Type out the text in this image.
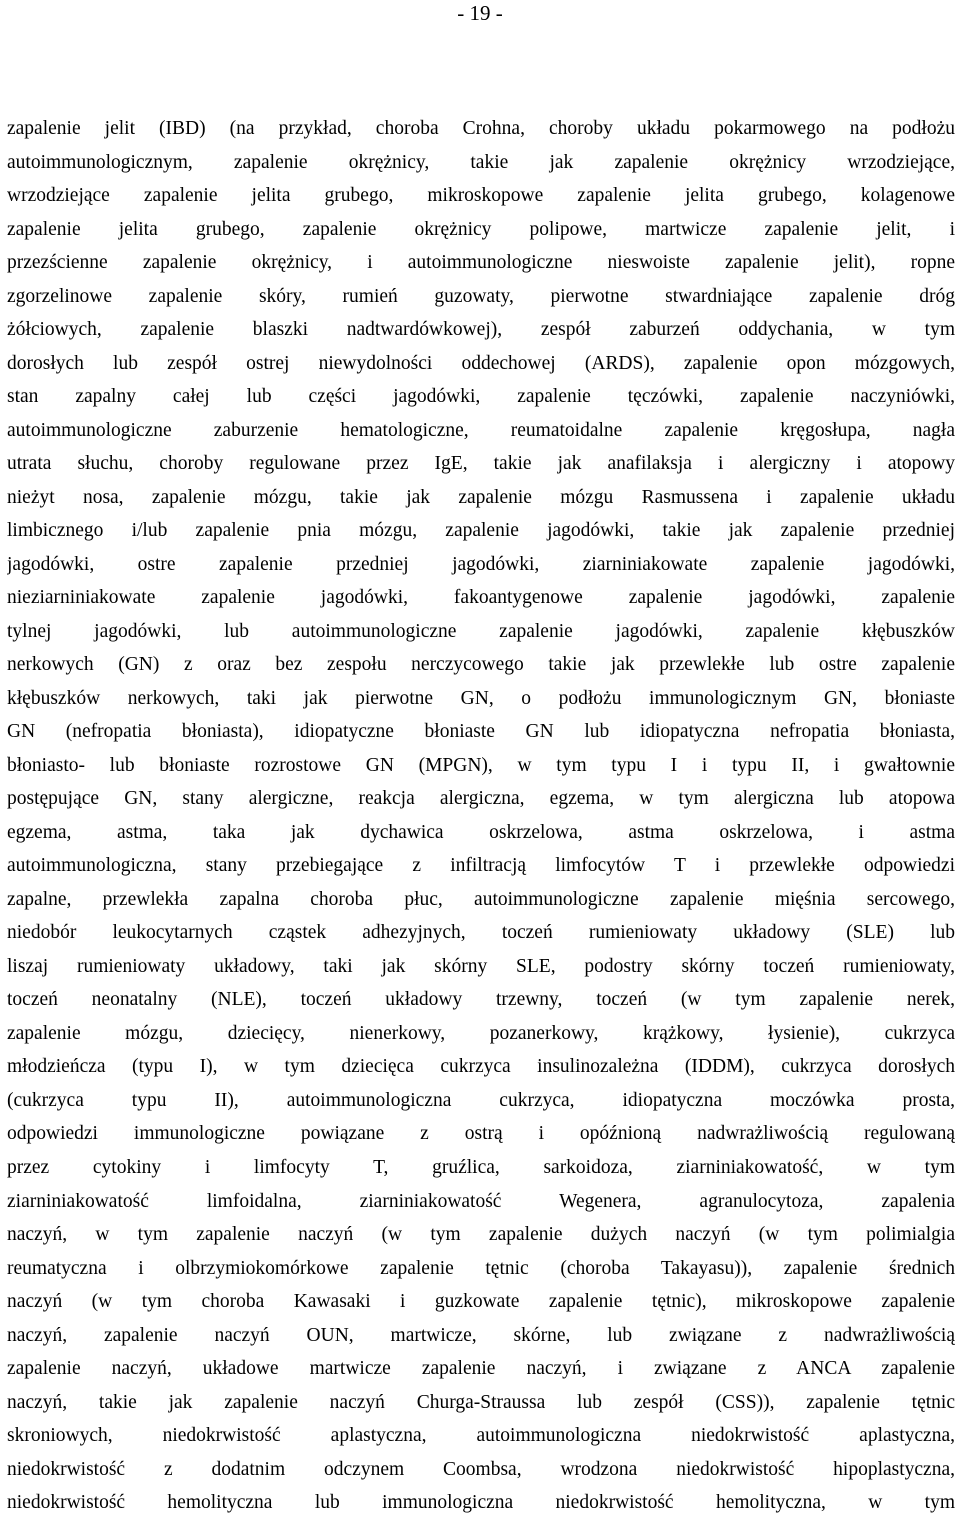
- 19 -
zapalenie jelit (IBD) (na przykład, choroba Crohna, choroby układu pokarmowego na podłożu
autoimmunologicznym, zapalenie okrężnicy, takie jak zapalenie okrężnicy wrzodziejące,
wrzodziejące zapalenie jelita grubego, mikroskopowe zapalenie jelita grubego, kolagenowe
zapalenie jelita grubego, zapalenie okrężnicy polipowe, martwicze zapalenie jelit, i
przezścienne zapalenie okrężnicy, i autoimmunologiczne nieswoiste zapalenie jelit), ropne
zgorzelinowe zapalenie skóry, rumień guzowaty, pierwotne stwardniające zapalenie dróg
żółciowych, zapalenie blaszki nadtwardówkowej), zespół zaburzeń oddychania, w tym
dorosłych lub zespół ostrej niewydolności oddechowej (ARDS), zapalenie opon mózgowych,
stan zapalny całej lub części jagodówki, zapalenie tęczówki, zapalenie naczyniówki,
autoimmunologiczne zaburzenie hematologiczne, reumatoidalne zapalenie kręgosłupa, nagła
utrata słuchu, choroby regulowane przez IgE, takie jak anafilaksja i alergiczny i atopowy
nieżyt nosa, zapalenie mózgu, takie jak zapalenie mózgu Rasmussena i zapalenie układu
limbicznego i/lub zapalenie pnia mózgu, zapalenie jagodówki, takie jak zapalenie przedniej
jagodówki, ostre zapalenie przedniej jagodówki, ziarniniakowate zapalenie jagodówki,
nieziarniniakowate zapalenie jagodówki, fakoantygenowe zapalenie jagodówki, zapalenie
tylnej jagodówki, lub autoimmunologiczne zapalenie jagodówki, zapalenie kłębuszków
nerkowych (GN) z oraz bez zespołu nerczycowego takie jak przewlekłe lub ostre zapalenie
kłębuszków nerkowych, taki jak pierwotne GN, o podłożu immunologicznym GN, błoniaste
GN (nefropatia błoniasta), idiopatyczne błoniaste GN lub idiopatyczna nefropatia błoniasta,
błoniasto- lub błoniaste rozrostowe GN (MPGN), w tym typu I i typu II, i gwałtownie
postępujące GN, stany alergiczne, reakcja alergiczna, egzema, w tym alergiczna lub atopowa
egzema, astma, taka jak dychawica oskrzelowa, astma oskrzelowa, i astma
autoimmunologiczna, stany przebiegające z infiltracją limfocytów T i przewlekłe odpowiedzi
zapalne, przewlekła zapalna choroba płuc, autoimmunologiczne zapalenie mięśnia sercowego,
niedobór leukocytarnych cząstek adhezyjnych, toczeń rumieniowaty układowy (SLE) lub
liszaj rumieniowaty układowy, taki jak skórny SLE, podostry skórny toczeń rumieniowaty,
toczeń neonatalny (NLE), toczeń układowy trzewny, toczeń (w tym zapalenie nerek,
zapalenie mózgu, dziecięcy, nienerkowy, pozanerkowy, krążkowy, łysienie), cukrzyca
młodzieńcza (typu I), w tym dziecięca cukrzyca insulinozależna (IDDM), cukrzyca dorosłych
(cukrzyca typu II), autoimmunologiczna cukrzyca, idiopatyczna moczówka prosta,
odpowiedzi immunologiczne powiązane z ostrą i opóźnioną nadwrażliwością regulowaną
przez cytokiny i limfocyty T, gruźlica, sarkoidoza, ziarniniakowatość, w tym
ziarniniakowatość limfoidalna, ziarniniakowatość Wegenera, agranulocytoza, zapalenia
naczyń, w tym zapalenie naczyń (w tym zapalenie dużych naczyń (w tym polimialgia
reumatyczna i olbrzymiokomórkowe zapalenie tętnic (choroba Takayasu)), zapalenie średnich
naczyń (w tym choroba Kawasaki i guzkowate zapalenie tętnic), mikroskopowe zapalenie
naczyń, zapalenie naczyń OUN, martwicze, skórne, lub związane z nadwrażliwością
zapalenie naczyń, układowe martwicze zapalenie naczyń, i związane z ANCA zapalenie
naczyń, takie jak zapalenie naczyń Churga-Straussa lub zespół (CSS)), zapalenie tętnic
skroniowych, niedokrwistość aplastyczna, autoimmunologiczna niedokrwistość aplastyczna,
niedokrwistość z dodatnim odczynem Coombsa, wrodzona niedokrwistość hipoplastyczna,
niedokrwistość hemolityczna lub immunologiczna niedokrwistość hemolityczna, w tym
